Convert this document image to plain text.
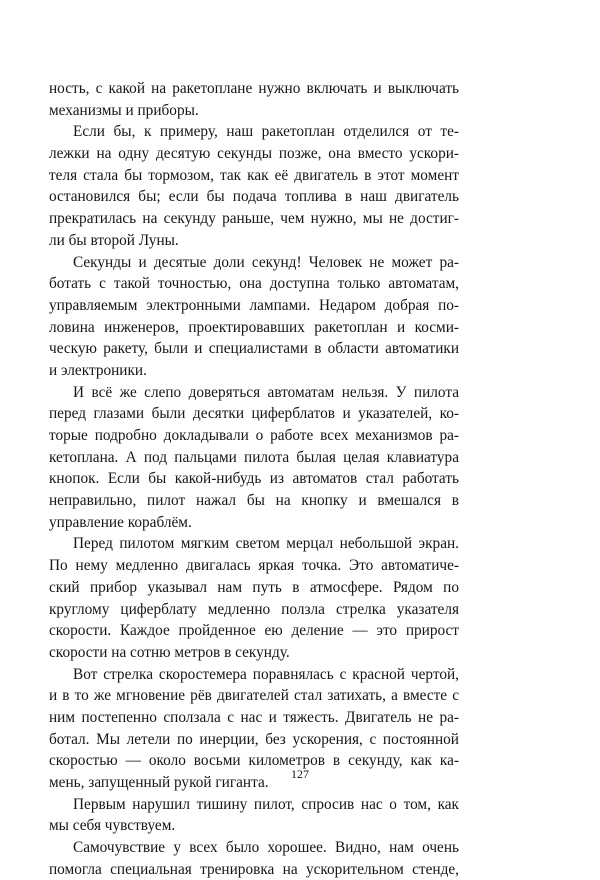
ность, с какой на ракетоплане нужно включать и выключать
механизмы и приборы.
Если бы, к примеру, наш ракетоплан отделился от те-
лежки на одну десятую секунды позже, она вместо ускори-
теля стала бы тормозом, так как её двигатель в этот момент
остановился бы; если бы подача топлива в наш двигатель
прекратилась на секунду раньше, чем нужно, мы не достиг-
ли бы второй Луны.
Секунды и десятые доли секунд! Человек не может ра-
ботать с такой точностью, она доступна только автоматам,
управляемым электронными лампами. Недаром добрая по-
ловина инженеров, проектировавших ракетоплан и косми-
ческую ракету, были и специалистами в области автоматики
и электроники.
И всё же слепо доверяться автоматам нельзя. У пилота
перед глазами были десятки циферблатов и указателей, ко-
торые подробно докладывали о работе всех механизмов ра-
кетоплана. А под пальцами пилота былая целая клавиатура
кнопок. Если бы какой-нибудь из автоматов стал работать
неправильно, пилот нажал бы на кнопку и вмешался в
управление кораблём.
Перед пилотом мягким светом мерцал небольшой экран.
По нему медленно двигалась яркая точка. Это автоматиче-
ский прибор указывал нам путь в атмосфере. Рядом по
круглому циферблату медленно ползла стрелка указателя
скорости. Каждое пройденное ею деление — это прирост
скорости на сотню метров в секунду.
Вот стрелка скоростемера поравнялась с красной чертой,
и в то же мгновение рёв двигателей стал затихать, а вместе с
ним постепенно сползала с нас и тяжесть. Двигатель не ра-
ботал. Мы летели по инерции, без ускорения, с постоянной
скоростью — около восьми километров в секунду, как ка-
мень, запущенный рукой гиганта.
Первым нарушил тишину пилот, спросив нас о том, как
мы себя чувствуем.
Самочувствие у всех было хорошее. Видно, нам очень
помогла специальная тренировка на ускорительном стенде,
127
